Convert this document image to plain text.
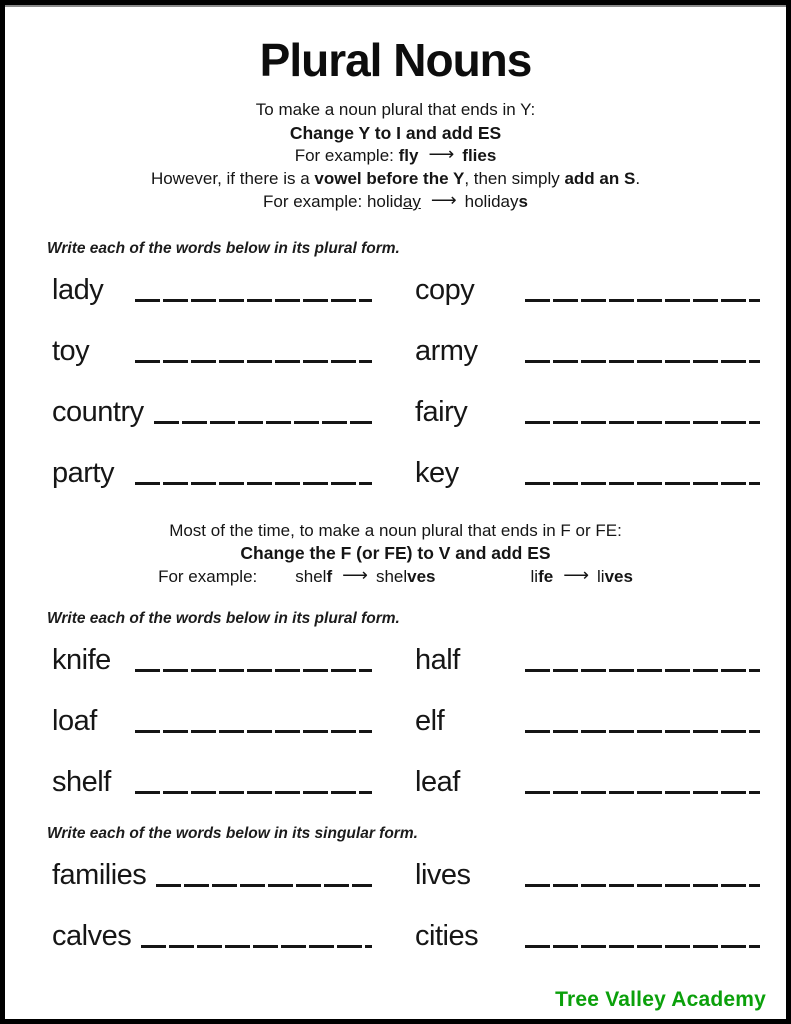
Plural Nouns

To make a noun plural that ends in Y:

Change Y to I and add ES

For example: fly ⟶ flies

However, if there is a vowel before the Y, then simply add an S.

For example: holiday ⟶ holidays

Write each of the words below in its plural form.

lady	copy
toy	army
country	fairy
party	key

Most of the time, to make a noun plural that ends in F or FE:

Change the F (or FE) to V and add ES

For example: shelf ⟶ shelves	life ⟶ lives

Write each of the words below in its plural form.

knife	half
loaf	elf
shelf	leaf

Write each of the words below in its singular form.

families	lives
calves	cities
Tree Valley Academy
